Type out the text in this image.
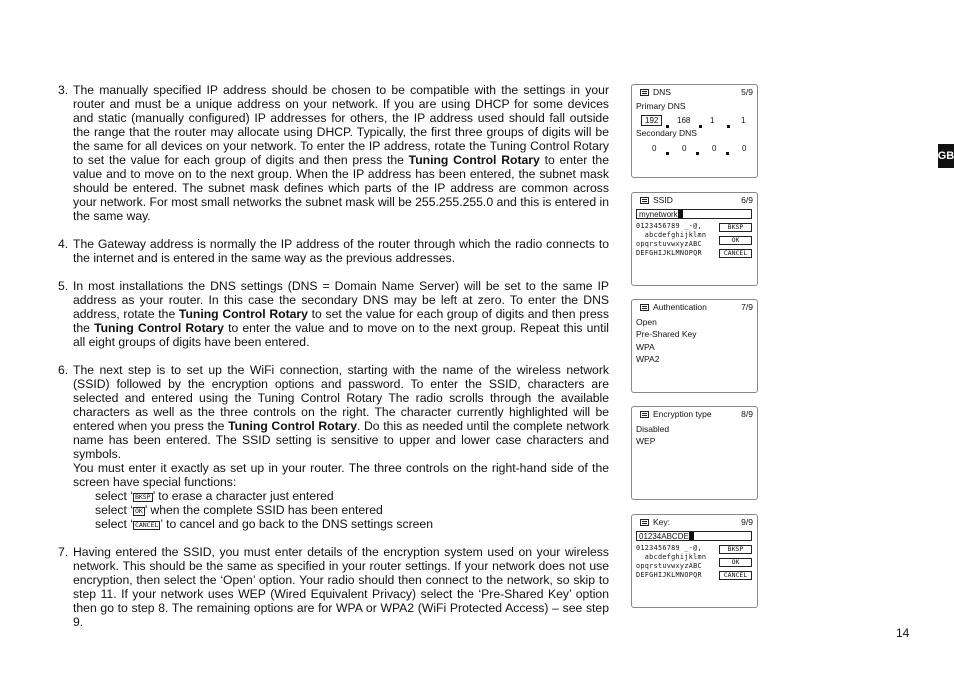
3. The manually specified IP address should be chosen to be compatible with the settings in your router and must be a unique address on your network. If you are using DHCP for some devices and static (manually configured) IP addresses for others, the IP address used should fall outside the range that the router may allocate using DHCP. Typically, the first three groups of digits will be the same for all devices on your network. To enter the IP address, rotate the Tuning Control Rotary to set the value for each group of digits and then press the Tuning Control Rotary to enter the value and to move on to the next group. When the IP address has been entered, the subnet mask should be entered. The subnet mask defines which parts of the IP address are common across your network. For most small networks the subnet mask will be 255.255.255.0 and this is entered in the same way.

4. The Gateway address is normally the IP address of the router through which the radio connects to the internet and is entered in the same way as the previous addresses.

5. In most installations the DNS settings (DNS = Domain Name Server) will be set to the same IP address as your router. In this case the secondary DNS may be left at zero. To enter the DNS address, rotate the Tuning Control Rotary to set the value for each group of digits and then press the Tuning Control Rotary to enter the value and to move on to the next group. Repeat this until all eight groups of digits have been entered.

6. The next step is to set up the WiFi connection, starting with the name of the wireless network (SSID) followed by the encryption options and password. To enter the SSID, characters are selected and entered using the Tuning Control Rotary The radio scrolls through the available characters as well as the three controls on the right. The character currently highlighted will be entered when you press the Tuning Control Rotary. Do this as needed until the complete network name has been entered. The SSID setting is sensitive to upper and lower case characters and symbols.

You must enter it exactly as set up in your router. The three controls on the right-hand side of the screen have special functions:

select ‘ BKSP ’ to erase a character just entered
select ‘ OK ’ when the complete SSID has been entered
select ‘ CANCEL ’ to cancel and go back to the DNS settings screen
7. Having entered the SSID, you must enter details of the encryption system used on your wireless network. This should be the same as specified in your router settings. If your network does not use encryption, then select the ‘Open’ option. Your radio should then connect to the network, so skip to step 11. If your network uses WEP (Wired Equivalent Privacy) select the ‘Pre-Shared Key’ option then go to step 8. The remaining options are for WPA or WPA2 (WiFi Protected Access) – see step 9.

GB
14
DNS	5/9
Primary DNS
192	168 1	1
Secondary DNS
0	0	0	0
SSID	6/9
mynetwork
0123456789 _-@,
abcdefghijklmn
opqrstuvwxyzABC
DEFGHIJKLMNOPQR
BKSP
OK
CANCEL
Authentication	7/9
Open
Pre-Shared Key
WPA
WPA2
Encryption type	8/9
Disabled
WEP
Key:	9/9
01234ABCDE
0123456789 _-@,
abcdefghijklmn
opqrstuvwxyzABC
DEFGHIJKLMNOPQR
BKSP
OK
CANCEL
